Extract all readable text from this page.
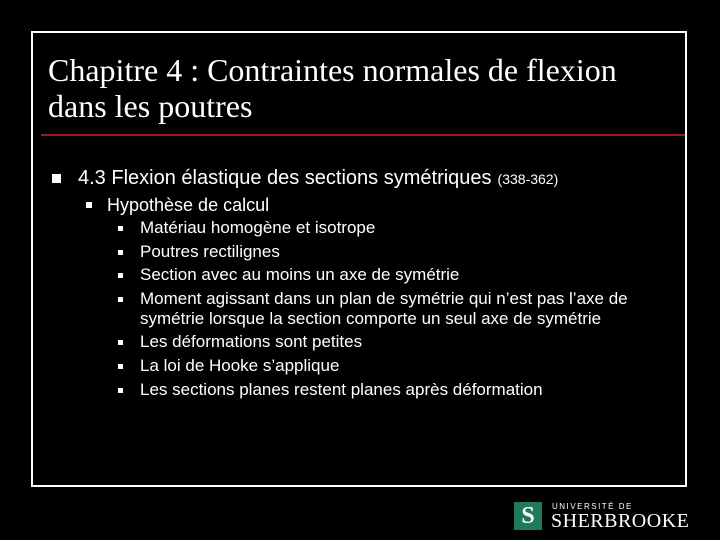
Chapitre 4 : Contraintes normales de flexion dans les poutres
4.3 Flexion élastique des sections symétriques (338-362)
Hypothèse de calcul
Matériau homogène et isotrope
Poutres rectilignes
Section avec au moins un axe de symétrie
Moment agissant dans un plan de symétrie qui n’est pas l’axe de symétrie lorsque la section comporte un seul axe de symétrie
Les déformations sont petites
La loi de Hooke s’applique
Les sections planes restent planes après déformation
S	UNIVERSITÉ DE
SHERBROOKE
